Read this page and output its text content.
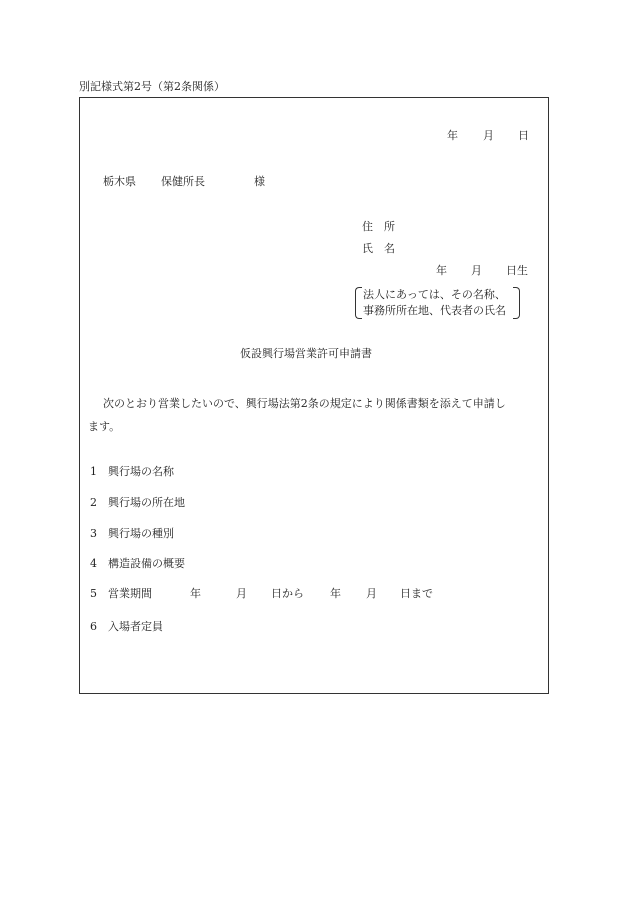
別記様式第2号（第2条関係）
年 月 日
栃木県 保健所長	様
住　所
氏　名
年 月 日生
法人にあっては、その名称、
事務所所在地、代表者の氏名
仮設興行場営業許可申請書
次のとおり営業したいので、興行場法第2条の規定により関係書類を添えて申請し
ます。
1 興行場の名称
2 興行場の所在地
3 興行場の種別
4 構造設備の概要
5 営業期間	年	月 日から 年 月 日まで
6 入場者定員
